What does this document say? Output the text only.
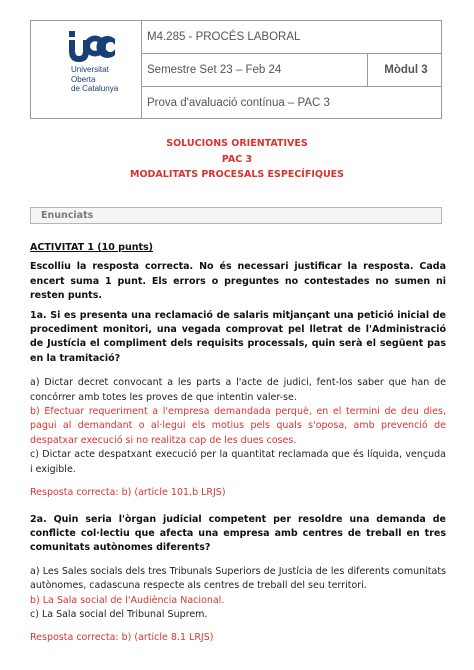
Universitat
Oberta
de Catalunya
M4.285 - PROCÉS LABORAL
Semestre Set 23 – Feb 24	Mòdul 3
Prova d'avaluació contínua – PAC 3
SOLUCIONS ORIENTATIVES
PAC 3
MODALITATS PROCESALS ESPECÍFIQUES
Enunciats

ACTIVITAT 1 (10 punts)

Escolliu la resposta correcta. No és necessari justificar la resposta. Cada encert suma 1 punt. Els errors o preguntes no contestades no sumen ni resten punts.

1a. Si es presenta una reclamació de salaris mitjançant una petició inicial de procediment monitori, una vegada comprovat pel lletrat de l'Administració de Justícia el compliment dels requisits processals, quin serà el següent pas en la tramitació?

a) Dictar decret convocant a les parts a l'acte de judici, fent-los saber que han de concórrer amb totes les proves de que intentin valer-se.

b) Efectuar requeriment a l'empresa demandada perquè, en el termini de deu dies, pagui al demandant o al·legui els motius pels quals s'oposa, amb prevenció de despatxar execució si no realitza cap de les dues coses.

c) Dictar acte despatxant execució per la quantitat reclamada que és líquida, vençuda i exigible.

Resposta correcta: b) (article 101.b LRJS)

2a. Quin seria l'òrgan judicial competent per resoldre una demanda de conflicte col·lectiu que afecta una empresa amb centres de treball en tres comunitats autònomes diferents?

a) Les Sales socials dels tres Tribunals Superiors de Justícia de les diferents comunitats autònomes, cadascuna respecte als centres de treball del seu territori.

b) La Sala social de l'Audiència Nacional.

c) La Sala social del Tribunal Suprem.

Resposta correcta: b) (article 8.1 LRJS)
